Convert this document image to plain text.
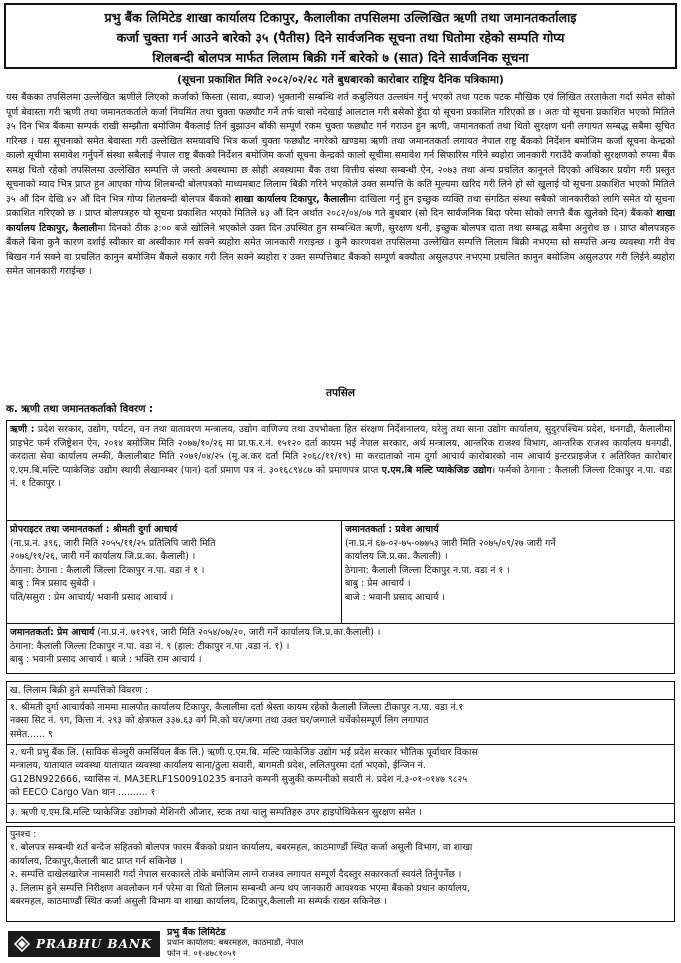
प्रभु बैंक लिमिटेड शाखा कार्यालय टिकापुर, कैलालीका तपसिलमा उल्लिखित ऋणी तथा जमानतकर्तालाइ
कर्जा चुक्ता गर्न आउने बारेको ३५ (पैतीस) दिने सार्वजनिक सूचना तथा धितोमा रहेको सम्पति गोप्य
शिलबन्दी बोलपत्र मार्फत लिलाम बिक्री गर्ने बारेको ७ (सात) दिने सार्वजनिक सूचना
(सूचना प्रकाशित मिति २०८२/०२/२८ गते बुधबारको कारोबार राष्ट्रिय दैनिक पत्रिकामा)
यस बैंकका तपसिलमा उल्लेखित ऋणीले लिएको कर्जाको किस्ता (सावा, ब्याज) भुक्तानी सम्बन्धि शर्त कबुलियत उल्लघंन गर्नु भएको तथा पटक पटक मौखिक एवं लिखित तरताकेता गर्दा समेत सोको पूर्ण बेवास्ता गरी ऋणी तथा जमानतकर्ताले कर्जा नियमित तथा चुक्ता फछ्यौट गर्ने तर्फ चासो नदेखाई आलटाल गरी बसेको हुँदा यो सूचना प्रकाशित गरिएको छ । अतः यो सूचना प्रकाशित भएको मितिले ३५ दिन भित्र बैंकमा सम्पर्क राखी सम्झौता बमोजिम बैंकलाई तिर्न बुझाउन बाँकी सम्पूर्ण रकम चुक्ता फछ्यौट गर्न गराउन हुन ऋणी, जमानतकर्ता तथा धितो सुरक्षण धनी लगायत सम्बद्ध सबैमा सूचित गरिन्छ । यस सूचनाको समेत बेवास्ता गरी उल्लेखित समयावधि भित्र कर्जा चुक्ता फछ्यौट नगरेको खण्डमा ऋणी तथा जमानतकर्ता लगायत नेपाल राष्ट्र बैंकको निर्देशन बमोजिम कर्जा सूचना केन्द्रको कालो सूचीमा समावेश गर्नुपर्ने संस्था सबैलाई नेपाल राष्ट्र बैंकको निर्देशन बमोजिम कर्जा सूचना केन्द्रको कालो सूचीमा समावेश गर्न सिफारिस गरिने ब्यहोरा जानकारी गराउँदै कर्जाको सुरक्षणको रुपमा बैंक समक्ष धितो रहेको तपसिलमा उल्लेखित सम्पत्ति जे जस्तो अवस्थामा छ सोही अवस्थामा बैंक तथा वित्तीय संस्था सम्बन्धी ऐन, २०७३ तथा अन्य प्रचलित कानूनले दिएको अधिकार प्रयोग गरी प्रस्तुत सूचनाको म्याद भित्र प्राप्त हुन आएका गोप्य शिलबन्दी बोलपत्रको माध्यमबाट लिलाम बिक्री गरिने भएकोले उक्त सम्पत्ति के कति मूल्यमा खरिद गरी लिने हो सो खुलाई यो सूचना प्रकाशित भएको मितिले ३५ औं दिन देखि ४२ औं दिन भित्र गोप्य शिलबन्दी बोलपत्र बैंकको शाखा कार्यालय टिकापुर, कैलालीमा दाखिला गर्नु हुन इच्छुक व्यक्ति तथा संगठित संस्था सबैको जानकारीको लागि समेत यो सूचना प्रकाशित गरिएको छ । प्राप्त बोलपत्रहरु यो सूचना प्रकाशित भएको मितिले ४३ औं दिन अर्थात २०८२/०४/०७ गते बुधबार (सो दिन सार्वजनिक बिदा परेमा सोको लगत्तै बैंक खुलेको दिन) बैंकको शाखा कार्यालय टिकापुर, कैलालीमा दिनको ठीक ३:०० बजे खोलिने भएकोले उक्त दिन उपस्थित हुन सम्बन्धित ऋणी, सुरक्षण धनी, इच्छुक बोलपत्र दाता तथा सम्बद्ध सबैमा अनुरोध छ । प्राप्त बोलपत्रहरु बैंकले बिना कुनै कारण दर्शाई स्वीकार वा अस्वीकार गर्न सक्ने ब्यहोरा समेत जानकारी गराइन्छ । कुनै कारणवश तपसिलमा उल्लेखित सम्पत्ति लिलाम बिक्री नभएमा सो सम्पत्ति अन्य व्यवस्था गरी वेच बिखन गर्न सक्ने वा प्रचलित कानुन बमोजिम बैंकले सकार गरी लिन सक्ने ब्यहोरा र उक्त सम्पत्तिबाट बैंकको सम्पूर्ण बक्यौता असुलउपर नभएमा प्रचलित कानुन बमोजिम असुलउपर गरी लिईने ब्यहोरा समेत जानकारी गराईन्छ ।
तपसिल
क. ऋणी तथा जमानतकर्ताको विवरण :
ऋणी : प्रदेश सरकार, उद्योग, पर्यटन, वन तथा वातावरण मन्त्रालय, उद्योग वाणिज्य तथा उपभोक्ता हित संरक्षण निर्देशनालय, घरेलु तथा साना उद्योग कार्यालय, सुदुरपश्चिम प्रदेश, धनगढी, कैलालीमा प्राइभेट फर्म रजिष्ट्रेशन ऐन, २०१४ बमोजिम मिति २०७७/१०/२६ मा प्रा.फ.र.नं. १५१२० दर्ता कायम भई नेपाल सरकार, अर्थ मन्त्रालय, आन्तरिक राजश्व विभाग, आन्तरिक राजश्व कार्यालय धनगढी, करदाता सेवा कार्यालय लम्की, कैलालीबाट मिति २०७१/०४/२५ (मु.अ.कर दर्ता मिति २०६८/११/१९) मा करदाताको नाम दुर्गा आचार्य कारोबारको नाम आचार्य इन्टरप्राइजेज र अतिरिक्त कारोबार ए.एम.बि.मल्टि प्याकेजिङ उद्योग स्थायी लेखानम्बर (पान) दर्ता प्रमाण पत्र नं. ३०१६८९४८७ को प्रमाणपत्र प्राप्त ए.एम.बि मल्टि प्याकेजिङ उद्योग। फर्मको ठेगाना : कैलाली जिल्ला टिकापुर न.पा. वडा नं. १ टिकापुर ।
प्रोपराइटर तथा जमानतकर्ता : श्रीमती दुर्गा आचार्य
(ना.प्र.नं. ३९६, जारी मिति २०५५/११/२५ प्रतिलिपि जारी मिति
२०७६/११/२६, जारी गर्ने कार्यालय जि.प्र.का. कैलाली) ।
ठेगाना: ठेगाना : कैलाली जिल्ला टिकापुर न.पा. वडा नं १ ।
बाबु : मित्र प्रसाद सुबेदी ।
पति/ससुरा : प्रेम आचार्य/ भवानी प्रसाद आचार्य ।
जमानतकर्ता : प्रवेश आचार्य
(ना.प्र.नं ६७-०२-७५-०७७५३ जारी मिति २०७५/०९/२७ जारी गर्ने
कार्यालय जि.प्र.का. कैलाली) ।
ठेगाना: कैलाली जिल्ला टिकापुर न.पा. वडा नं १ ।
बाबु : प्रेम आचार्य ।
बाजे : भवानी प्रसाद आचार्य ।
जमानतकर्ता: प्रेम आचार्य (ना.प्र.नं. ७१२९१, जारी मिति २०५४/०७/२०, जारी गर्ने कार्यालय जि.प्र.का.कैलाली) ।
ठेगाना: कैलाली जिल्ला टिकापुर न.पा. वडा नं. ९ (हाल: टीकापुर न.पा .वडा नं. १) ।
बाबु : भवानी प्रसाद आचार्य । बाजे : भक्ति राम आचार्य ।
ख. लिलाम बिक्री हुने सम्पत्तिको विवरण :
१. श्रीमती दुर्गा आचार्यको नाममा मालपोत कार्यालय टिकापुर, कैलालीमा दर्ता श्रेस्ता कायम रहेको कैलाली जिल्ला टीकापुर न.पा. वडा नं.१
नक्सा सिट नं. ९ग, कित्ता नं. २९३ को क्षेत्रफल ३३७.६३ वर्ग मि.को घर/जग्गा तथा उक्त घर/जग्गाले चर्चेकोसम्पूर्ण लिग लगापात
समेत...... ९
२. धनी प्रभु बैंक लि. (साविक सेञ्चुरी कमर्सियल बैंक लि.) ऋणी ए.एम.बि. मल्टि प्याकेजिङ उद्योग भई प्रदेश सरकार भौतिक पूर्वाधार विकास
मन्त्रालय, यातायात व्यवस्था यातायात व्यवस्था कार्यालय साना/ठुला सवारी, बागमती प्रदेश, ललितपुरमा दर्ता भएको, ईन्जिन नं.
G12BN922666, च्यासिस नं. MA3ERLF1S00910235 बनाउने कम्पनी सुजुकी कम्पनीको सवारी नं. प्रदेश नं.३-०१-०१४७ ९८२५
को EECO Cargo Van थान .......... १
३. ऋणी ए.एम.बि.मल्टि प्याकेजिङ उद्योगको मेशिनरी औजार, स्टक तथा चालु सम्पतिहरु उपर हाइपोथिकेसन सुरक्षण समेत ।
पुनश्च :
१. बोलपत्र सम्बन्धी शर्त बन्देज सहितको बोलपत्र फारम बैंकको प्रधान कार्यालय, बबरमहल, काठमाण्डौं स्थित कर्जा असुली विभाग, वा शाखा
कार्यालय, टिकापुर,कैलाली बाट प्राप्त गर्न सकिनेछ ।
२. सम्पत्ति दाखेलखारेज नामसारी गर्दा नेपाल सरकारले तोके बमोजिम लाग्ने राजश्व लगायत सम्पूर्ण दैदस्तुर सकारकर्ता स्वयंले तिर्नुपर्नेछ ।
३. लिलाम हुने सम्पत्ति निरीक्षण अवलोकन गर्न परेमा वा धितो लिलाम सम्बन्धी अन्य थप जानकारी आवश्यक भएमा बैंकको प्रधान कार्यालय,
बबरमहल, काठमाण्डौं स्थित कर्जा असुली विभाग वा शाखा कार्यालय, टिकापुर,कैलाली मा सम्पर्क राख्न सकिनेछ ।
PRABHU BANK
प्रभु बैंक लिमिटेड
प्रधान कार्यालय: बबरमहल, काठमाडौं, नेपाल
फोन नं. ०१-४७८१०५१
